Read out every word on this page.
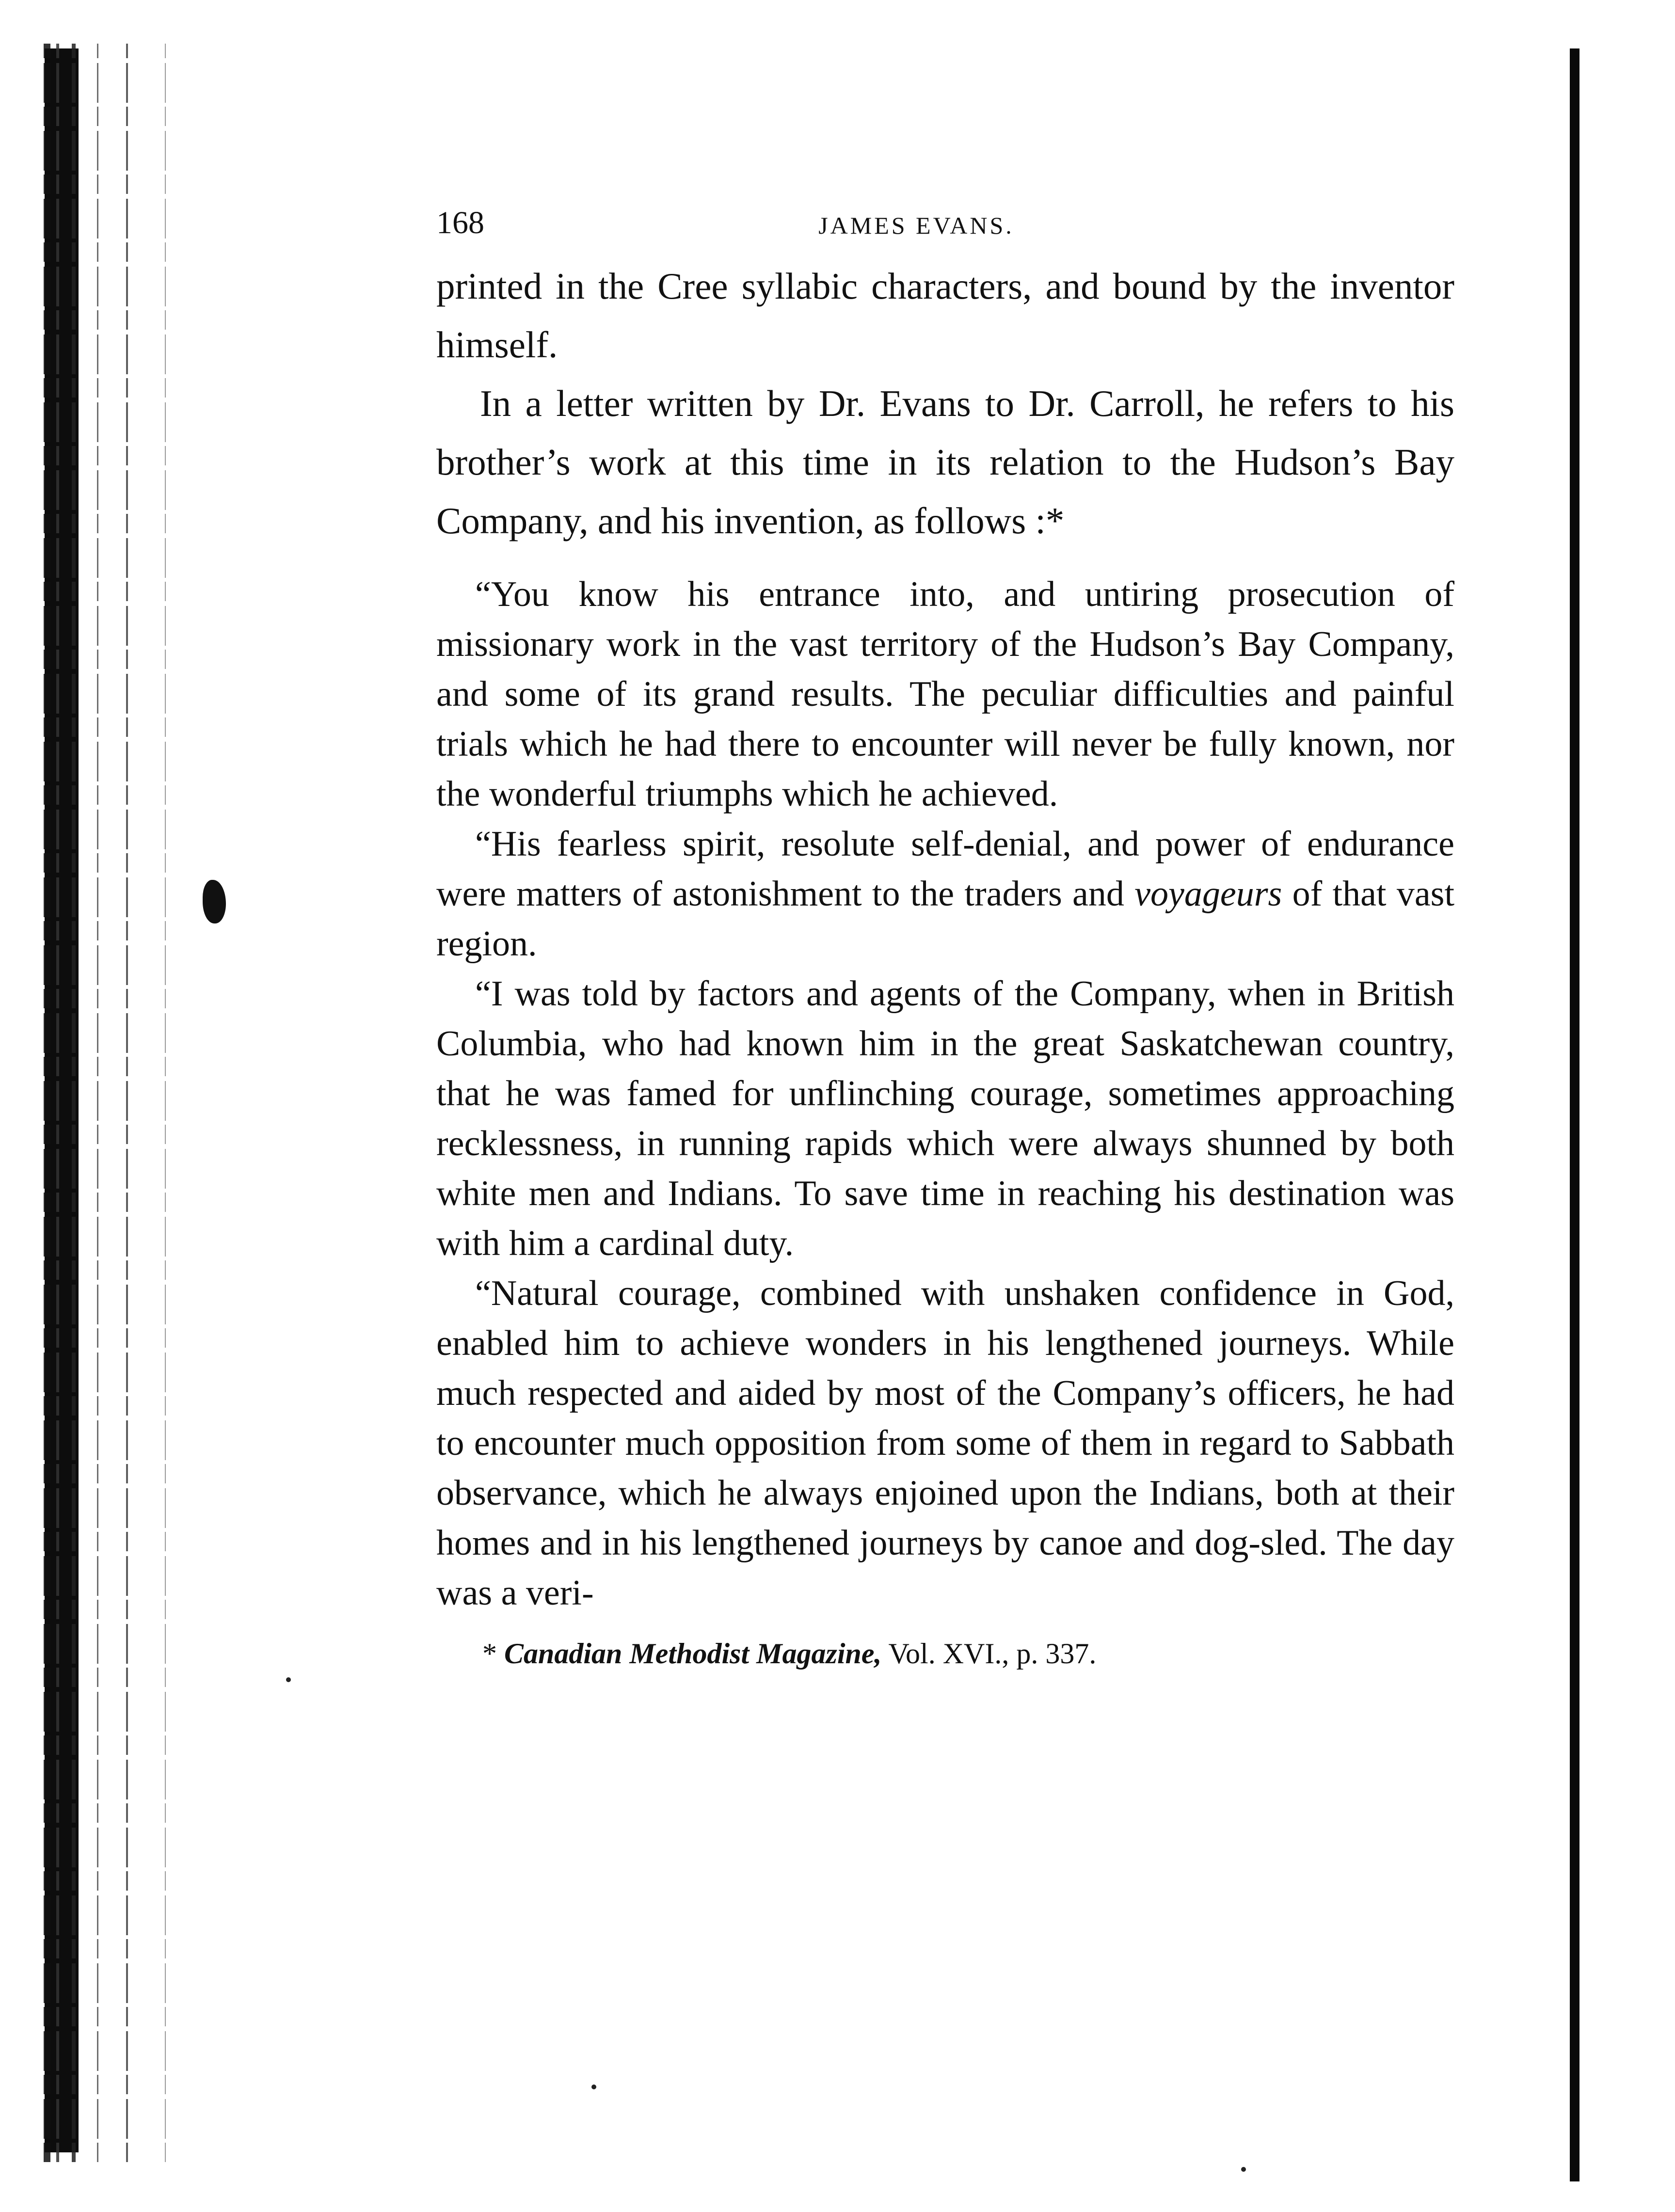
168	JAMES EVANS.

printed in the Cree syllabic characters, and bound by the inventor himself.

In a letter written by Dr. Evans to Dr. Carroll, he refers to his brother’s work at this time in its relation to the Hudson’s Bay Company, and his invention, as follows :*

“You know his entrance into, and untiring prosecution of missionary work in the vast territory of the Hudson’s Bay Company, and some of its grand results. The peculiar difficulties and painful trials which he had there to encounter will never be fully known, nor the wonderful triumphs which he achieved.

“His fearless spirit, resolute self-denial, and power of endurance were matters of astonishment to the traders and voyageurs of that vast region.

“I was told by factors and agents of the Company, when in British Columbia, who had known him in the great Saskatchewan country, that he was famed for unflinching courage, sometimes approaching recklessness, in running rapids which were always shunned by both white men and Indians. To save time in reaching his destination was with him a cardinal duty.

“Natural courage, combined with unshaken confidence in God, enabled him to achieve wonders in his lengthened journeys. While much respected and aided by most of the Company’s officers, he had to encounter much opposition from some of them in regard to Sabbath observance, which he always enjoined upon the Indians, both at their homes and in his lengthened journeys by canoe and dog-sled. The day was a veri-

* Canadian Methodist Magazine, Vol. XVI., p. 337.
